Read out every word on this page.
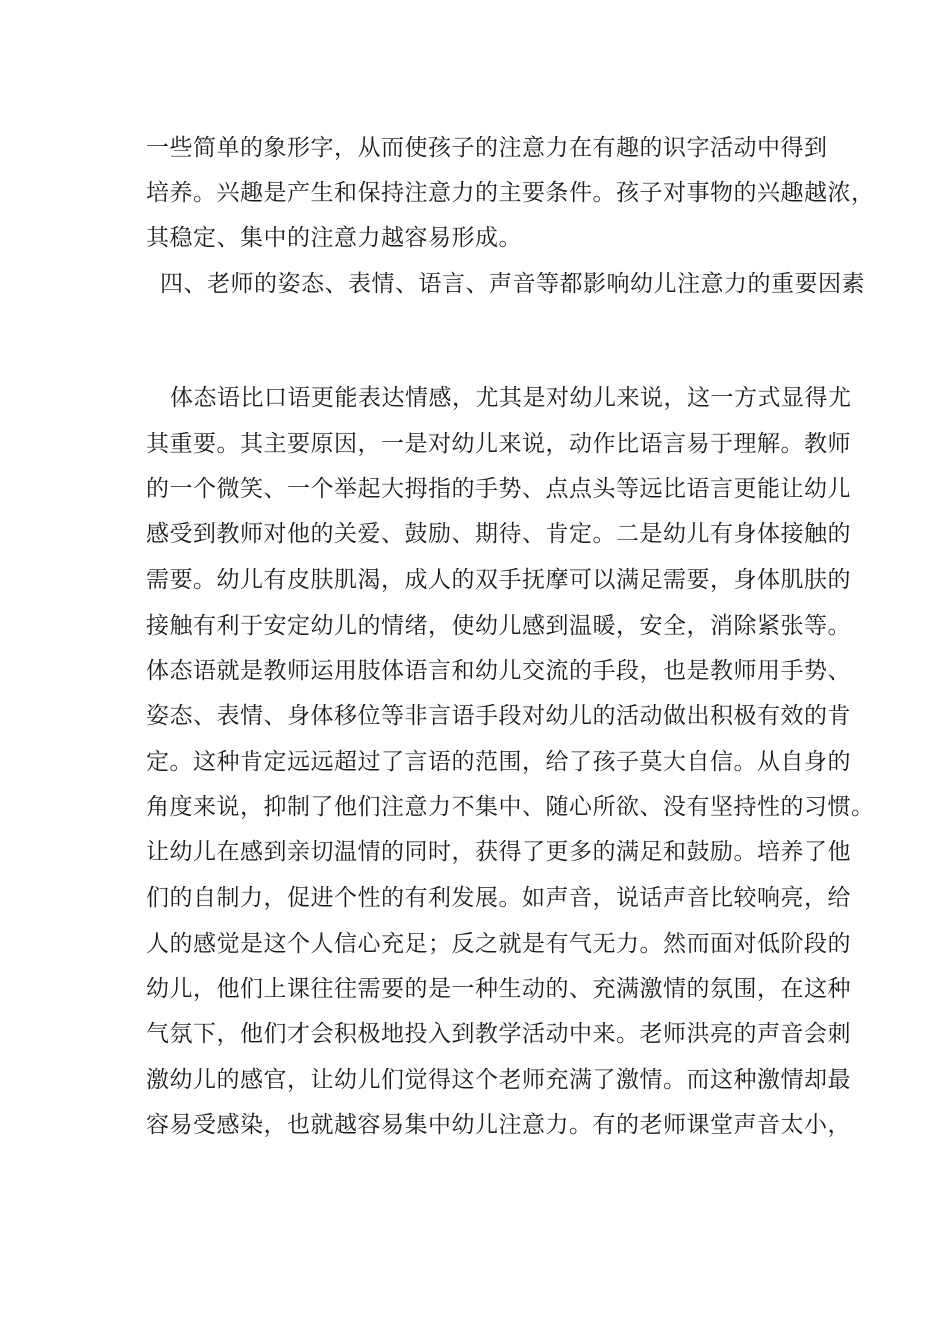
一些简单的象形字，从而使孩子的注意力在有趣的识字活动中得到
培养。兴趣是产生和保持注意力的主要条件。孩子对事物的兴趣越浓，
其稳定、集中的注意力越容易形成。
四、老师的姿态、表情、语言、声音等都影响幼儿注意力的重要因素
体态语比口语更能表达情感，尤其是对幼儿来说，这一方式显得尤
其重要。其主要原因，一是对幼儿来说，动作比语言易于理解。教师
的一个微笑、一个举起大拇指的手势、点点头等远比语言更能让幼儿
感受到教师对他的关爱、鼓励、期待、肯定。二是幼儿有身体接触的
需要。幼儿有皮肤肌渴，成人的双手抚摩可以满足需要，身体肌肤的
接触有利于安定幼儿的情绪，使幼儿感到温暖，安全，消除紧张等。
体态语就是教师运用肢体语言和幼儿交流的手段，也是教师用手势、
姿态、表情、身体移位等非言语手段对幼儿的活动做出积极有效的肯
定。这种肯定远远超过了言语的范围，给了孩子莫大自信。从自身的
角度来说，抑制了他们注意力不集中、随心所欲、没有坚持性的习惯。
让幼儿在感到亲切温情的同时，获得了更多的满足和鼓励。培养了他
们的自制力，促进个性的有利发展。如声音，说话声音比较响亮，给
人的感觉是这个人信心充足；反之就是有气无力。然而面对低阶段的
幼儿，他们上课往往需要的是一种生动的、充满激情的氛围，在这种
气氛下，他们才会积极地投入到教学活动中来。老师洪亮的声音会刺
激幼儿的感官，让幼儿们觉得这个老师充满了激情。而这种激情却最
容易受感染，也就越容易集中幼儿注意力。有的老师课堂声音太小，
